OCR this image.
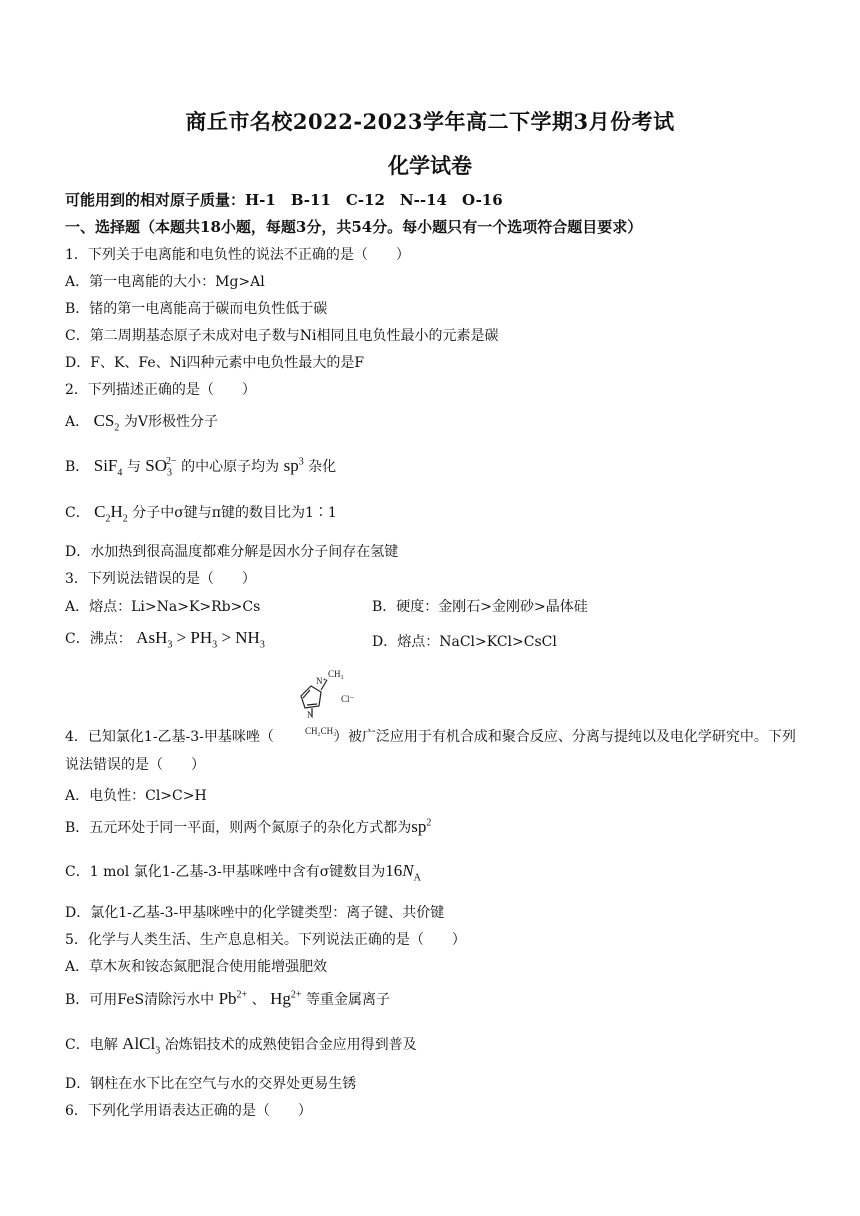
商丘市名校2022-2023学年高二下学期3月份考试
化学试卷
可能用到的相对原子质量：H-1　B-11　C-12　N--14　O-16
一、选择题（本题共18小题，每题3分，共54分。每小题只有一个选项符合题目要求）
1．下列关于电离能和电负性的说法不正确的是（　　）
A．第一电离能的大小：Mg>Al
B．锗的第一电离能高于碳而电负性低于碳
C．第二周期基态原子未成对电子数与Ni相同且电负性最小的元素是碳
D．F、K、Fe、Ni四种元素中电负性最大的是F
2．下列描述正确的是（　　）
A． $CS_2$ 为V形极性分子
B． SiF$_4$ 与 $SO_3^{2-}$ 的中心原子均为 $sp^3$ 杂化
C． $C_2H_2$ 分子中σ键与π键的数目比为1∶1
D．水加热到很高温度都难分解是因水分子间存在氢键
3．下列说法错误的是（　　）
A．熔点：Li>Na>K>Rb>Cs	B．硬度：金刚石>金刚砂>晶体硅
C．沸点： $AsH_3 > PH_3 > NH_3$	D．熔点：NaCl>KCl>CsCl
N⁺
CH₃
N
CH₂CH₃
Cl⁻
4．已知氯化1-乙基-3-甲基咪唑（	）被广泛应用于有机合成和聚合反应、分离与提纯以及电化学研究中。下列说法错误的是（　　）
A．电负性：Cl>C>H
B．五元环处于同一平面，则两个氮原子的杂化方式都为$sp^2$
C．1 mol 氯化1-乙基-3-甲基咪唑中含有σ键数目为$16N_A$
D．氯化1-乙基-3-甲基咪唑中的化学键类型：离子键、共价键
5．化学与人类生活、生产息息相关。下列说法正确的是（　　）
A．草木灰和铵态氮肥混合使用能增强肥效
B．可用FeS清除污水中 $Pb^{2+}$ 、 $Hg^{2+}$ 等重金属离子
C．电解 AlCl$_3$ 冶炼铝技术的成熟使铝合金应用得到普及
D．钢柱在水下比在空气与水的交界处更易生锈
6．下列化学用语表达正确的是（　　）
